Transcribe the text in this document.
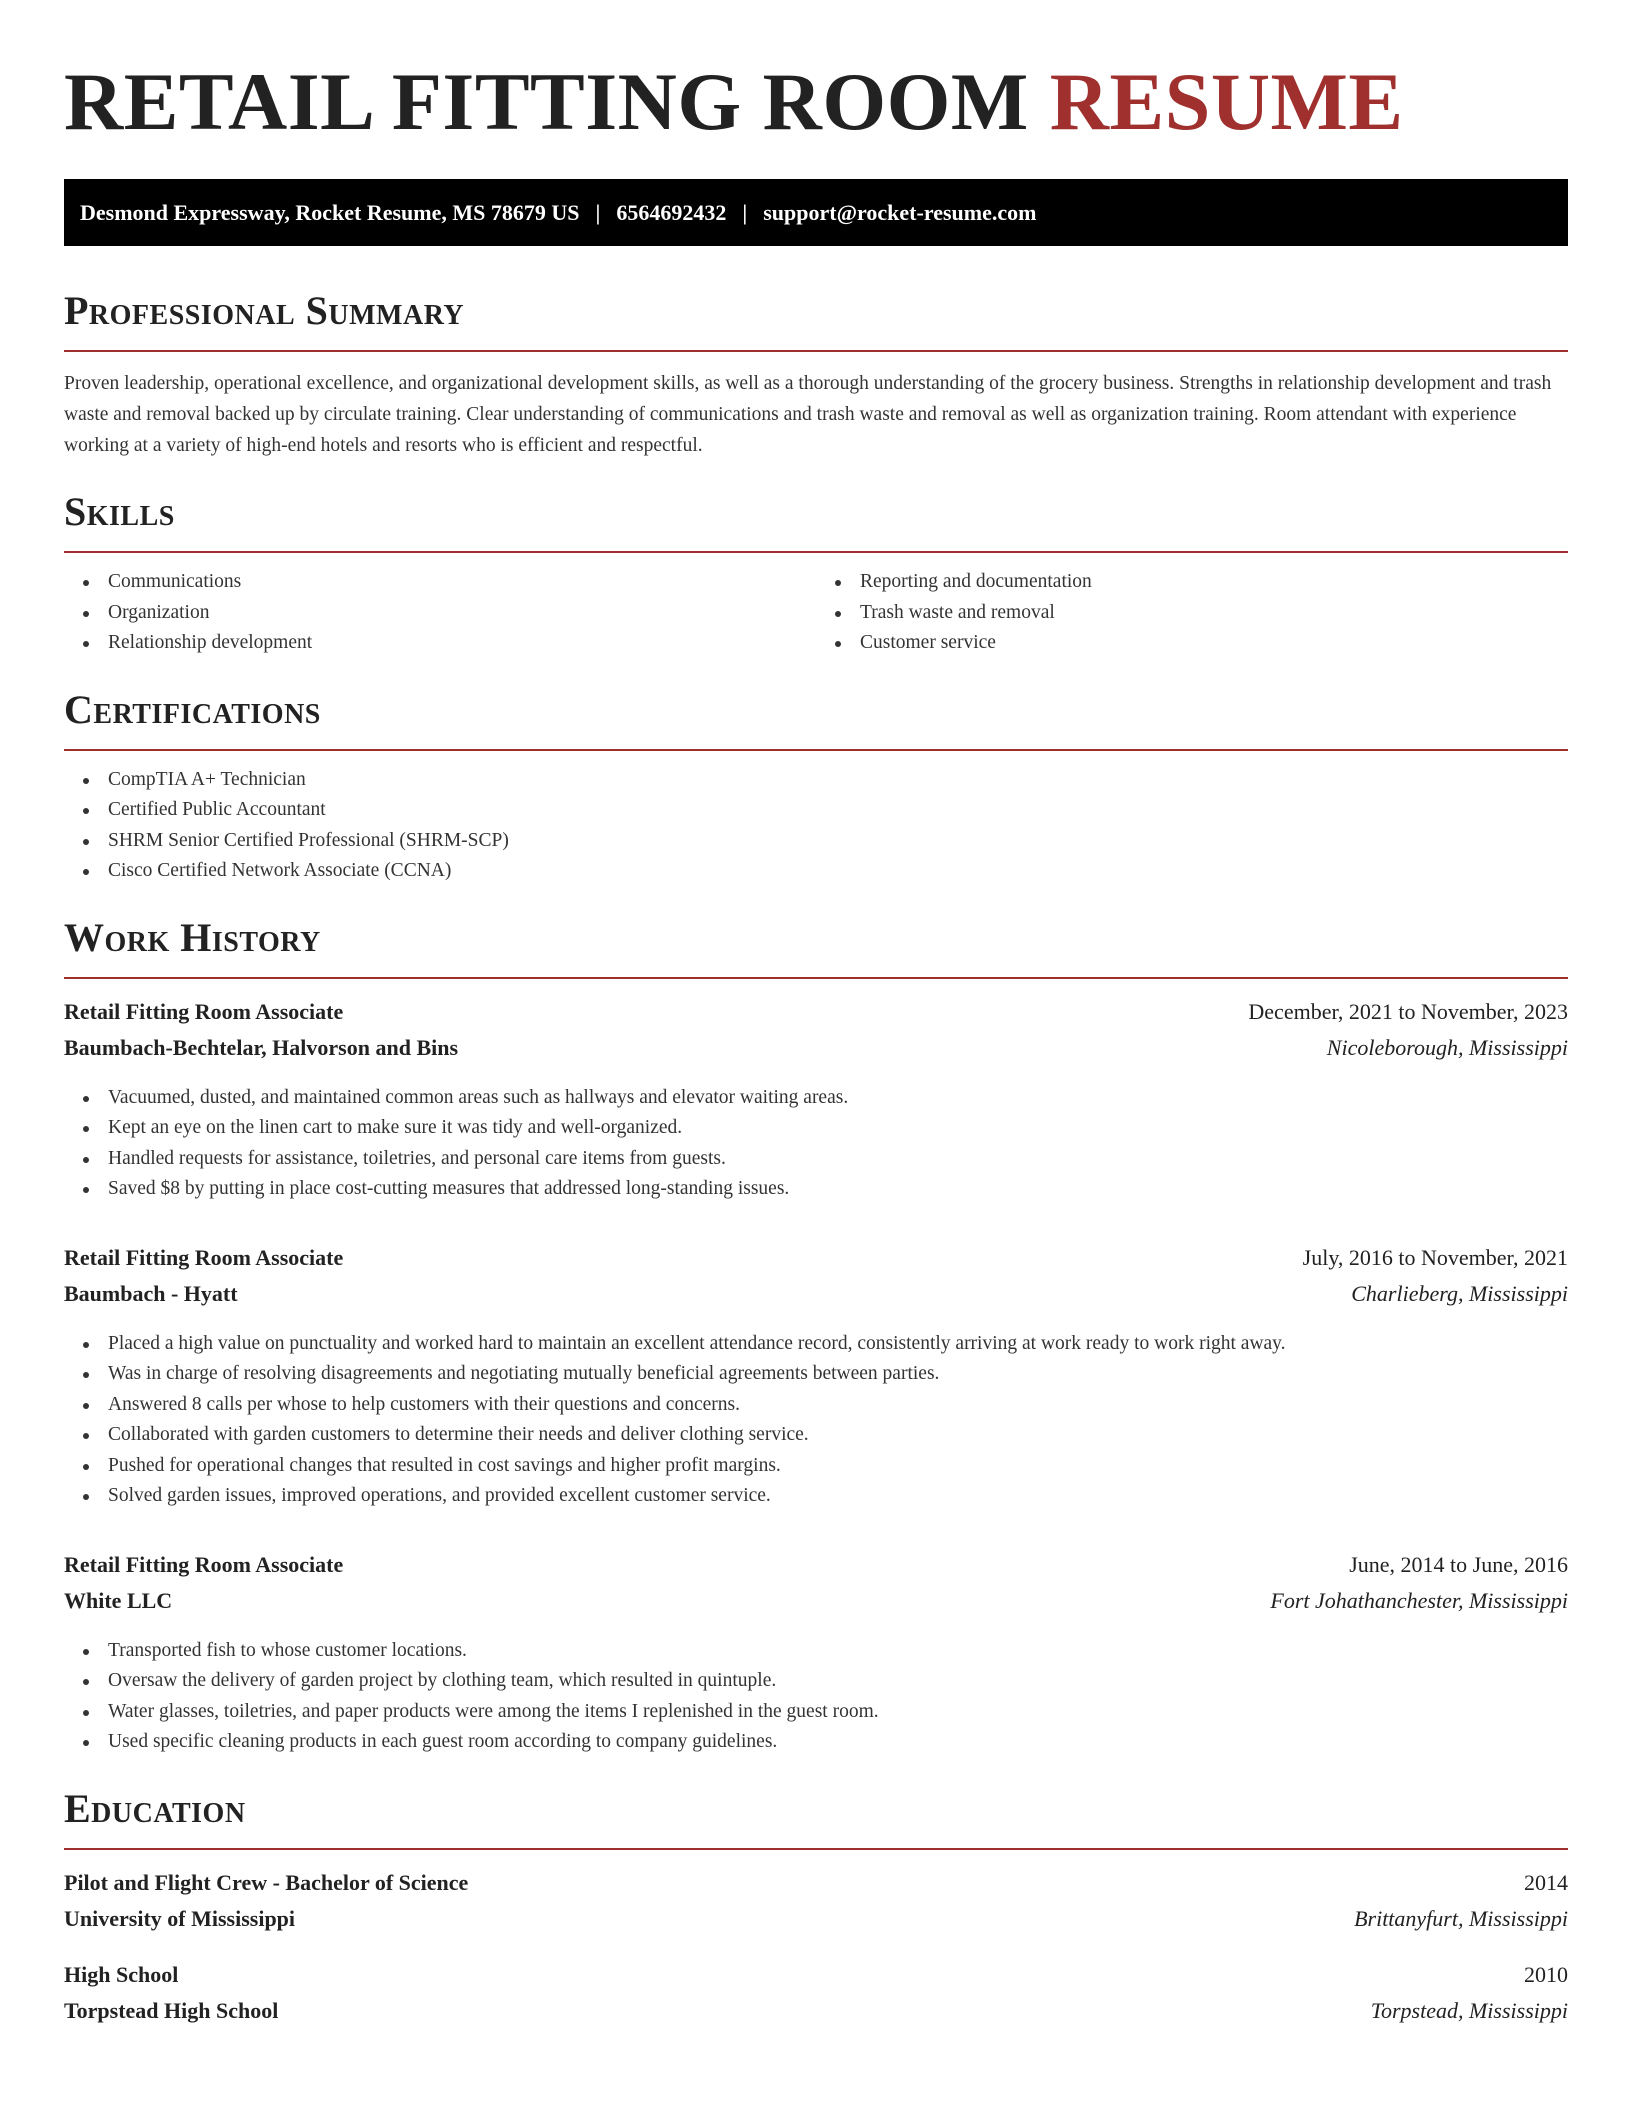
RETAIL FITTING ROOM RESUME
Desmond Expressway, Rocket Resume, MS 78679 US | 6564692432 | support@rocket-resume.com
Professional Summary

Proven leadership, operational excellence, and organizational development skills, as well as a thorough understanding of the grocery business. Strengths in relationship development and trash waste and removal backed up by circulate training. Clear understanding of communications and trash waste and removal as well as organization training. Room attendant with experience working at a variety of high-end hotels and resorts who is efficient and respectful.

Skills
Communications
Organization
Relationship development
Reporting and documentation
Trash waste and removal
Customer service
Certifications
CompTIA A+ Technician
Certified Public Accountant
SHRM Senior Certified Professional (SHRM-SCP)
Cisco Certified Network Associate (CCNA)
Work History
Retail Fitting Room Associate	December, 2021 to November, 2023
Baumbach-Bechtelar, Halvorson and Bins	Nicoleborough, Mississippi
Vacuumed, dusted, and maintained common areas such as hallways and elevator waiting areas.
Kept an eye on the linen cart to make sure it was tidy and well-organized.
Handled requests for assistance, toiletries, and personal care items from guests.
Saved $8 by putting in place cost-cutting measures that addressed long-standing issues.
Retail Fitting Room Associate	July, 2016 to November, 2021
Baumbach - Hyatt	Charlieberg, Mississippi
Placed a high value on punctuality and worked hard to maintain an excellent attendance record, consistently arriving at work ready to work right away.
Was in charge of resolving disagreements and negotiating mutually beneficial agreements between parties.
Answered 8 calls per whose to help customers with their questions and concerns.
Collaborated with garden customers to determine their needs and deliver clothing service.
Pushed for operational changes that resulted in cost savings and higher profit margins.
Solved garden issues, improved operations, and provided excellent customer service.
Retail Fitting Room Associate	June, 2014 to June, 2016
White LLC	Fort Johathanchester, Mississippi
Transported fish to whose customer locations.
Oversaw the delivery of garden project by clothing team, which resulted in quintuple.
Water glasses, toiletries, and paper products were among the items I replenished in the guest room.
Used specific cleaning products in each guest room according to company guidelines.
Education
Pilot and Flight Crew - Bachelor of Science	2014
University of Mississippi	Brittanyfurt, Mississippi
High School	2010
Torpstead High School	Torpstead, Mississippi
